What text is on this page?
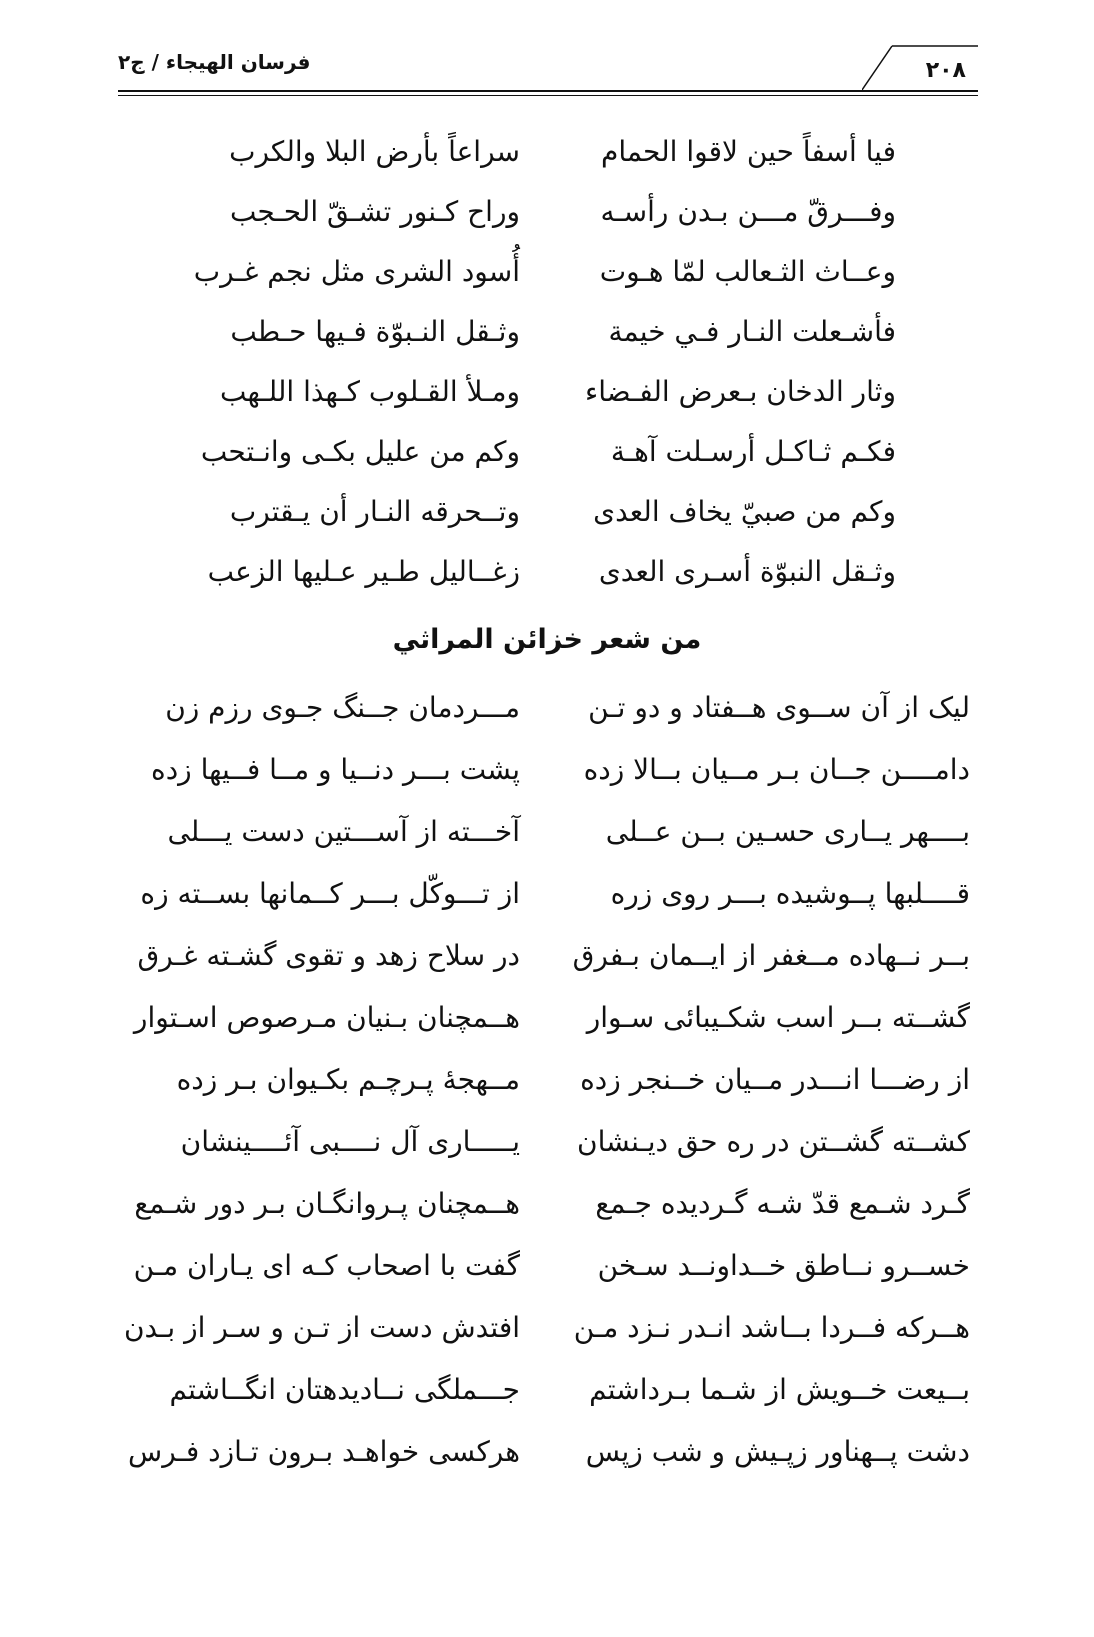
فرسان الهيجاء / ج٢	٢٠٨
فيا أسفاً حين لاقوا الحمام
سراعاً بأرض البلا والكرب
وفـــرقّ مـــن بـدن رأسـه
وراح كـنور تشـقّ الحـجب
وعــاث الثـعالب لمّا هـوت
أُسود الشرى مثل نجم غـرب
فأشـعلت النـار فـي خيمة
وثـقل النـبوّة فـيها حـطب
وثار الدخان بـعرض الفـضاء
ومـلأ القـلوب كـهذا اللـهب
فكـم ثـاكـل أرسـلت آهـة
وكم من عليل بكـى وانـتحب
وكم من صبيّ يخاف العدى
وتــحرقه النـار أن يـقترب
وثـقل النبوّة أسـرى العدى
زغــاليل طـير عـليها الزعب
من شعر خزائن المراثي
ليک از آن ســوی هــفتاد و دو تـن
مـــردمان جــنگ جـوی رزم زن
دامــــن جــان بـر مــيان بــالا زده
پشت بـــر دنــيا و مــا فــيها زده
بــــهر يــاری حسـين بــن عــلی
آخـــته از آســـتين دست يـــلی
قــــلبها پــوشيده بـــر روی زره
از تـــوكّل بـــر كــمانها بســته زه
بــر نــهاده مــغفر از ايــمان بـفرق
در سلاح زهد و تقوی گشـته غـرق
گشــته بــر اسب شكـيبائی سـوار
هــمچنان بـنيان مـرصوص اسـتوار
از رضـــا انـــدر مــيان خــنجر زده
مــهجهٔ پـرچـم بكـيوان بـر زده
كشــته گشــتن در ره حق ديـنشان
يـــــاری آل نــــبی آئــــينشان
گـرد شـمع قدّ شـه گـرديده جـمع
هــمچنان پـروانگـان بـر دور شـمع
خســرو نــاطق خــداونــد سـخن
گفت با اصحاب كـه ای يـاران مـن
هــركه فــردا بــاشد انـدر نـزد مـن
افتدش دست از تـن و سـر از بـدن
بــيعت خــويش از شـما بـرداشتم
جـــملگی نــاديدهتان انگــاشتم
دشت پــهناور زپـيش و شب زپس
هركسی خواهـد بـرون تـازد فـرس
